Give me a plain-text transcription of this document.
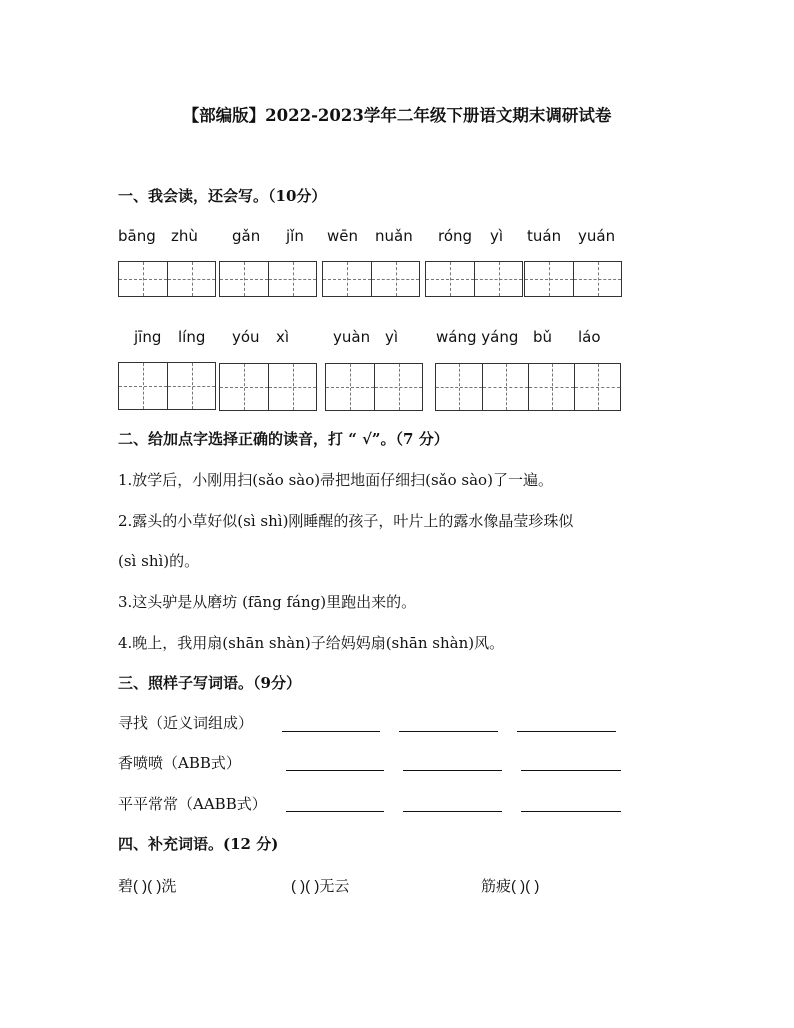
【部编版】2022-2023学年二年级下册语文期末调研试卷
一、我会读，还会写。（10分）
bāng zhù gǎn jǐn wēn nuǎn róng yì tuán yuán
jīng líng yóu xì	yuàn yì	wáng yáng bǔ láo
二、给加点字选择正确的读音，打 “ √”。（7 分）
1.放学后，小刚用扫(sǎo sào)帚把地面仔细扫(sǎo sào)了一遍。
2.露头的小草好似(sì shì)刚睡醒的孩子，叶片上的露水像晶莹珍珠似
(sì shì)的。
3.这头驴是从磨坊 (fāng fáng)里跑出来的。
4.晚上，我用扇(shān shàn)子给妈妈扇(shān shàn)风。
三、照样子写词语。（9分）
寻找（近义词组成）
香喷喷（ABB式）
平平常常（AABB式）
四、补充词语。(12 分)
碧( )( )洗	( )( )无云	筋疲( )( )
